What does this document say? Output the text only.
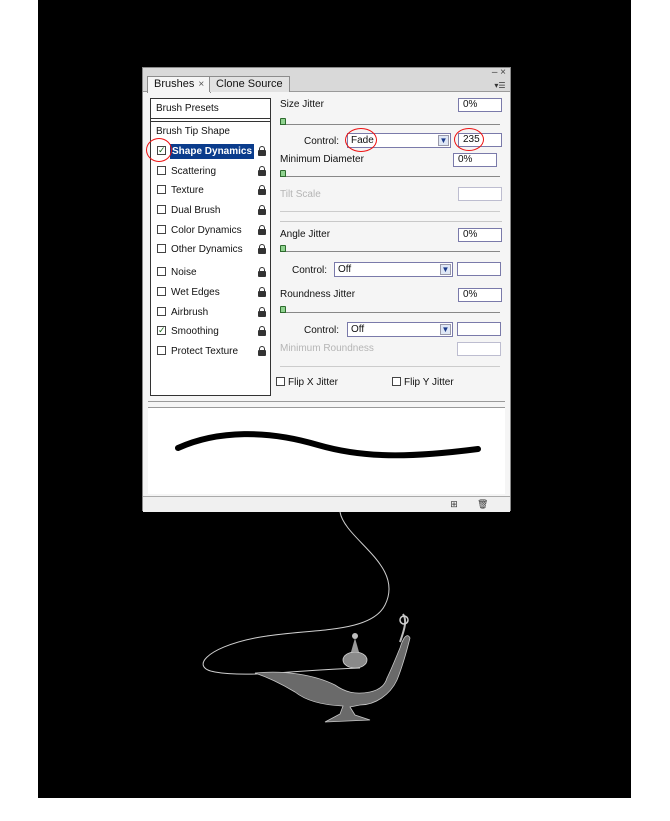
Brushes ×	Clone Source
– ×
▾☰
Brush Presets
Brush Tip Shape
✓ Shape Dynamics
Scattering
Texture
Dual Brush
Color Dynamics
Other Dynamics
Noise
Wet Edges
Airbrush
✓ Smoothing
Protect Texture
Size Jitter	0%
Control:	Fade	▼	235
Minimum Diameter	0%
Tilt Scale
Angle Jitter	0%
Control:	Off	▼
Roundness Jitter	0%
Control:	Off	▼
Minimum Roundness
Flip X Jitter	Flip Y Jitter
⊞ 🗑
